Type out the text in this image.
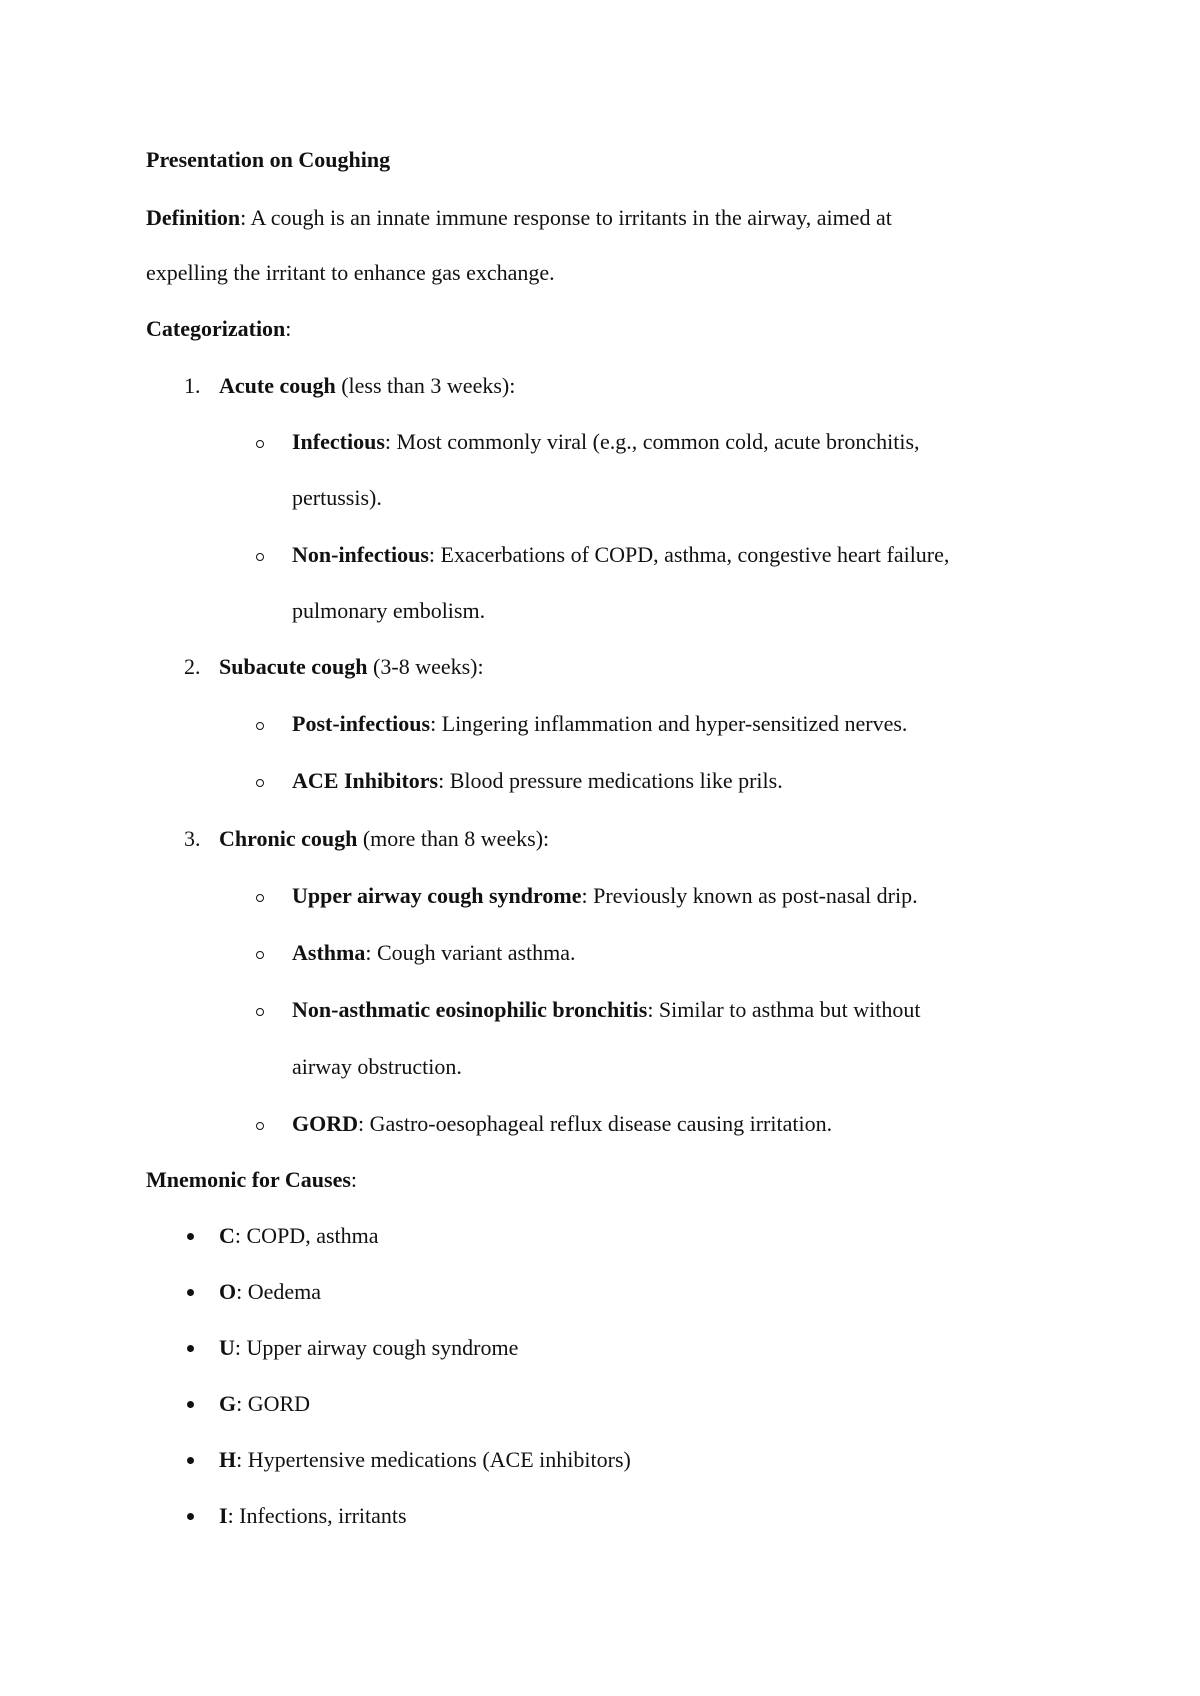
Presentation on Coughing
Definition: A cough is an innate immune response to irritants in the airway, aimed at
expelling the irritant to enhance gas exchange.
Categorization:
1. Acute cough (less than 3 weeks):
Infectious: Most commonly viral (e.g., common cold, acute bronchitis,
pertussis).
Non-infectious: Exacerbations of COPD, asthma, congestive heart failure,
pulmonary embolism.
2. Subacute cough (3-8 weeks):
Post-infectious: Lingering inflammation and hyper-sensitized nerves.
ACE Inhibitors: Blood pressure medications like prils.
3. Chronic cough (more than 8 weeks):
Upper airway cough syndrome: Previously known as post-nasal drip.
Asthma: Cough variant asthma.
Non-asthmatic eosinophilic bronchitis: Similar to asthma but without
airway obstruction.
GORD: Gastro-oesophageal reflux disease causing irritation.
Mnemonic for Causes:
C: COPD, asthma
O: Oedema
U: Upper airway cough syndrome
G: GORD
H: Hypertensive medications (ACE inhibitors)
I: Infections, irritants
